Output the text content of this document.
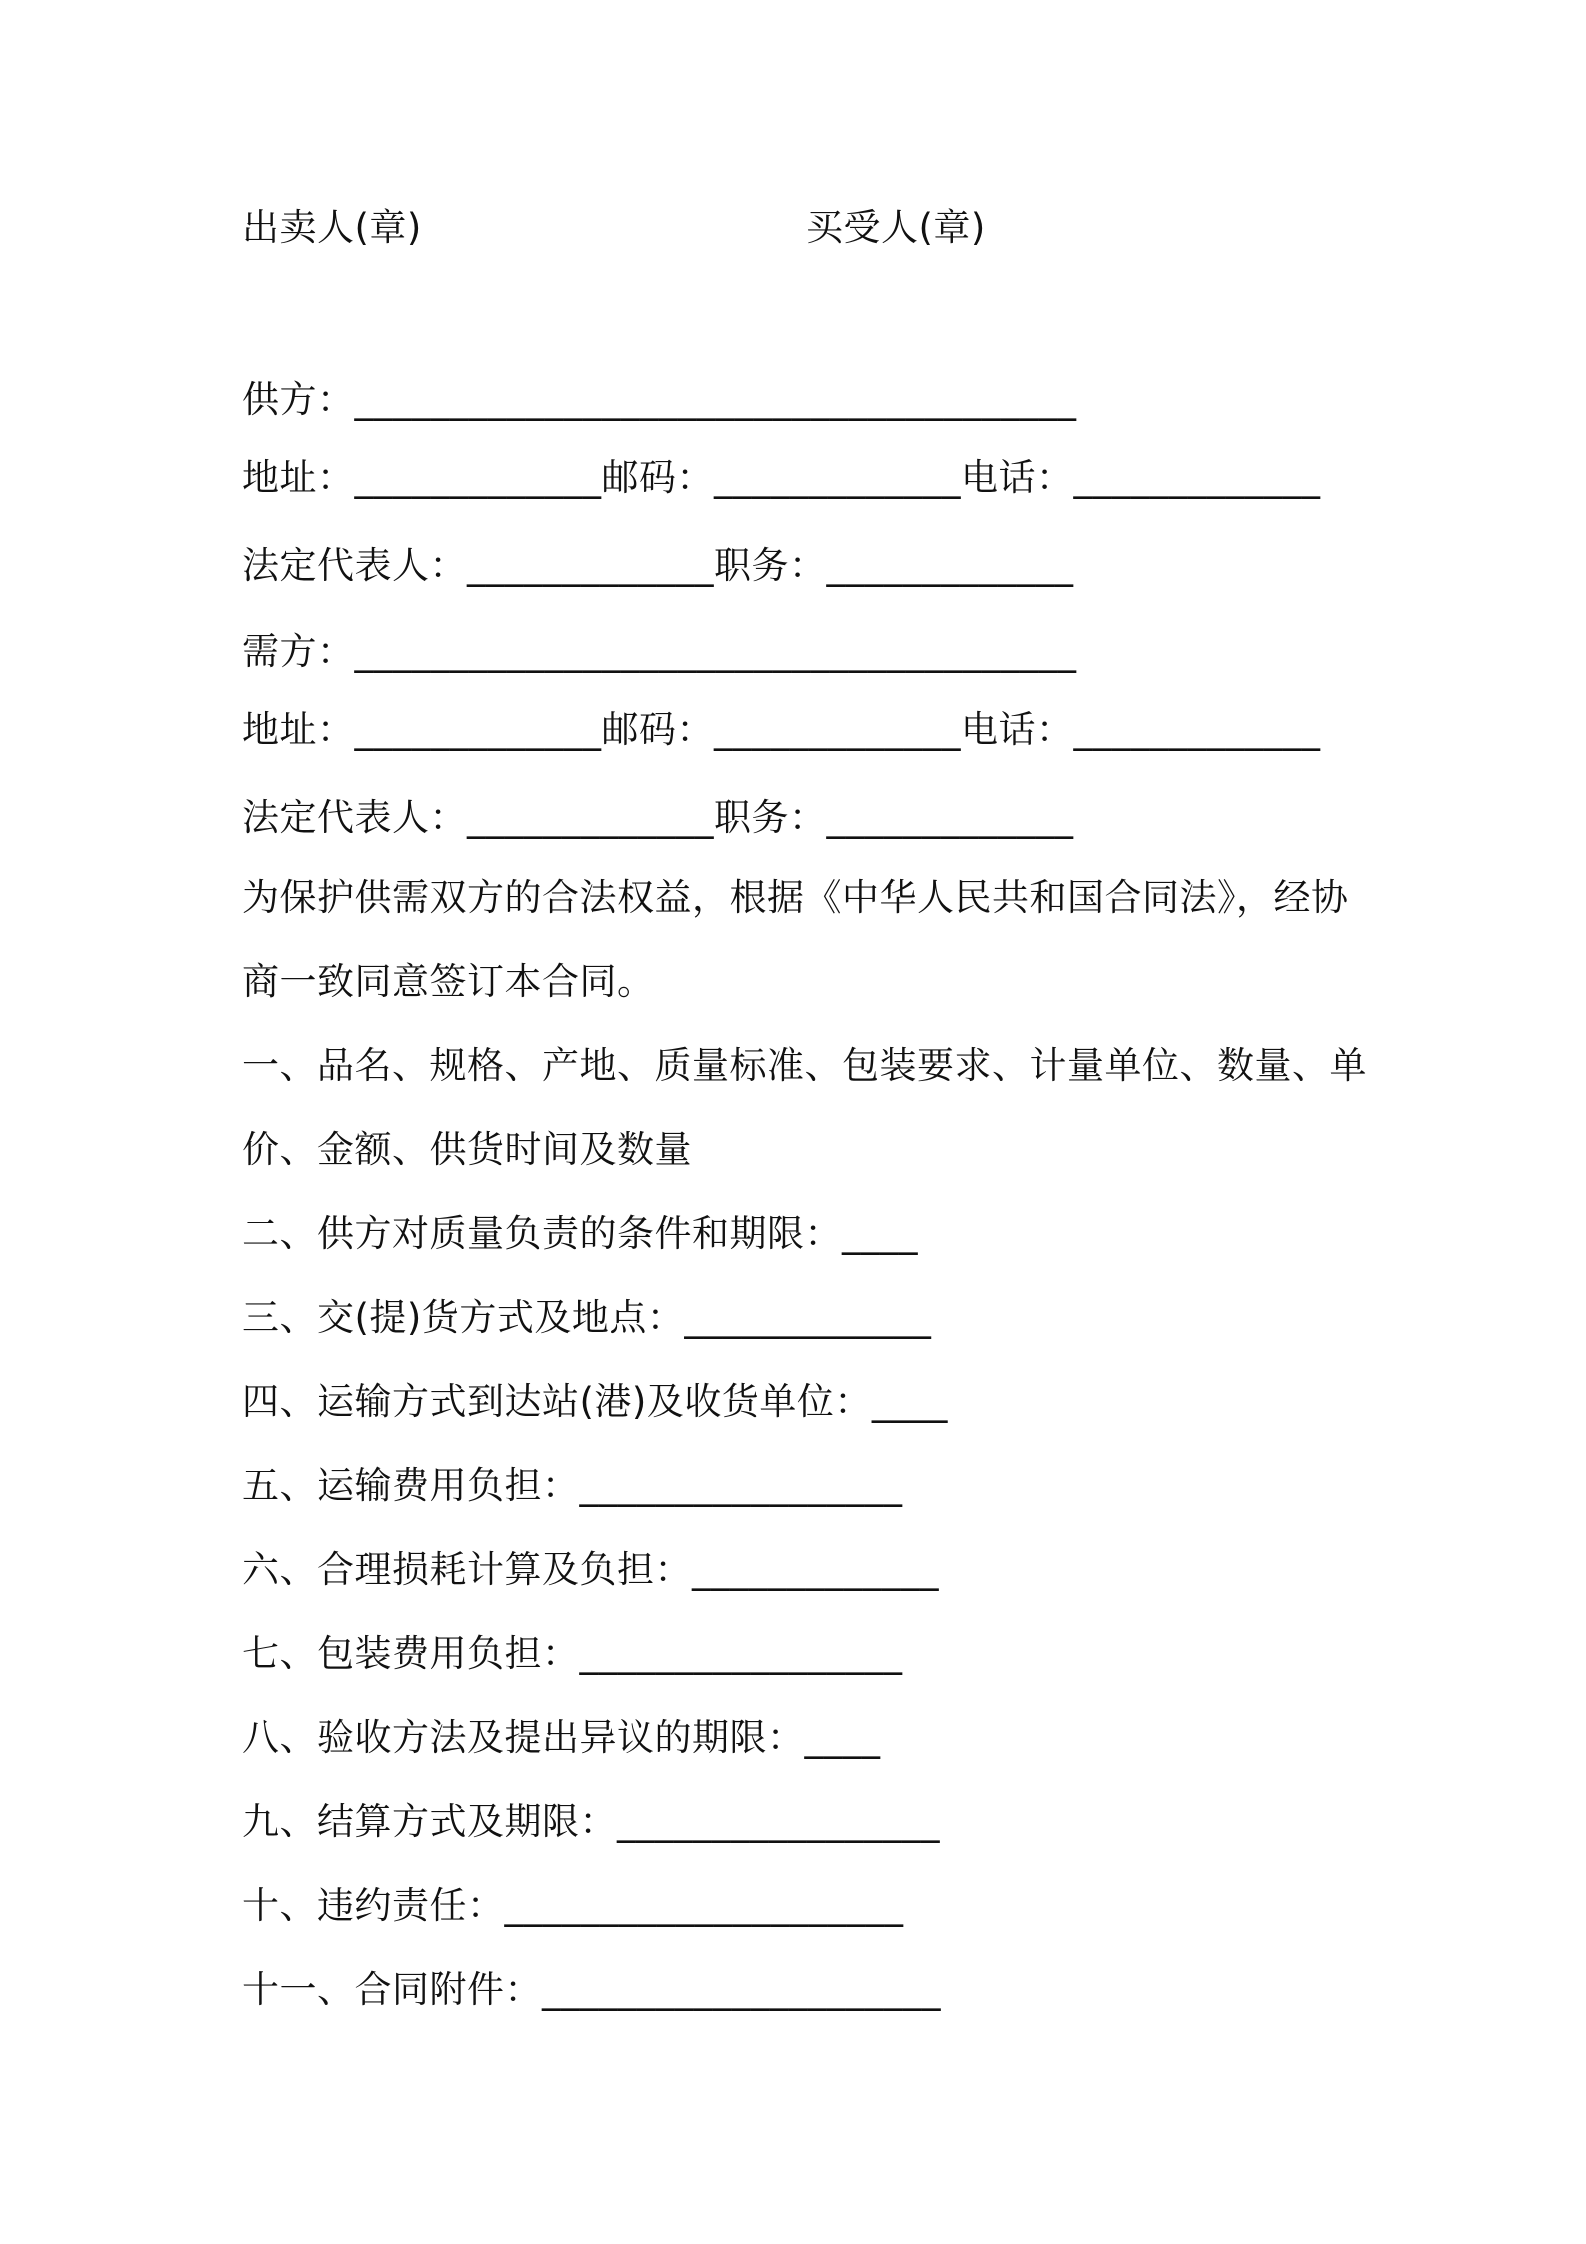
出卖人(章)	买受人(章)
供方：______________________________________
地址：_____________邮码：_____________电话：_____________
法定代表人：_____________职务：_____________
需方：______________________________________
地址：_____________邮码：_____________电话：_____________
法定代表人：_____________职务：_____________
为保护供需双方的合法权益，根据《中华人民共和国合同法》，经协
商一致同意签订本合同。
一、品名、规格、产地、质量标准、包装要求、计量单位、数量、单
价、金额、供货时间及数量
二、供方对质量负责的条件和期限：____
三、交(提)货方式及地点：_____________
四、运输方式到达站(港)及收货单位：____
五、运输费用负担：_________________
六、合理损耗计算及负担：_____________
七、包装费用负担：_________________
八、验收方法及提出异议的期限：____
九、结算方式及期限：_________________
十、违约责任：_____________________
十一、合同附件：_____________________
